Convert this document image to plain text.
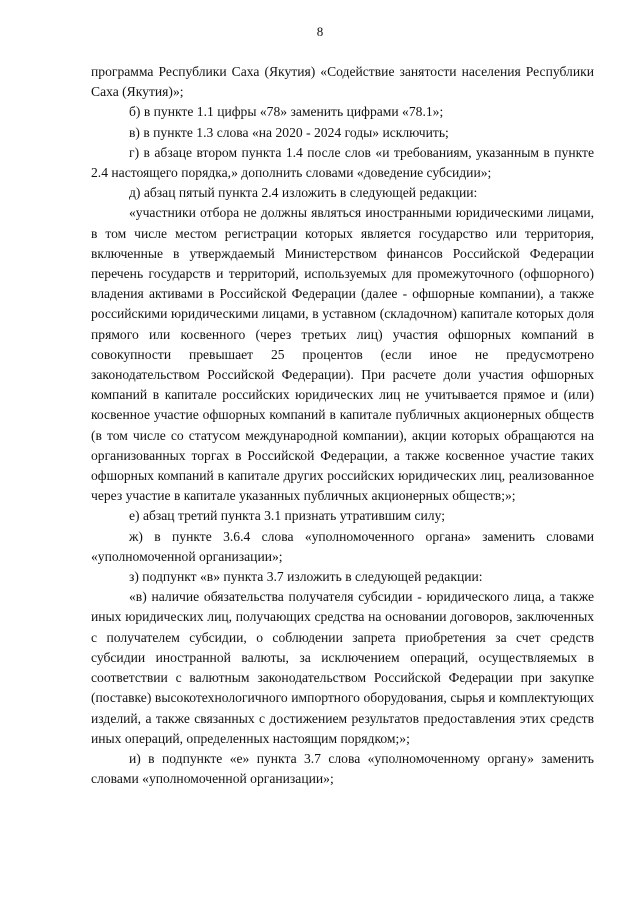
8

программа Республики Саха (Якутия) «Содействие занятости населения Республики Саха (Якутия)»;

б) в пункте 1.1 цифры «78» заменить цифрами «78.1»;

в) в пункте 1.3 слова «на 2020 - 2024 годы» исключить;

г) в абзаце втором пункта 1.4 после слов «и требованиям, указанным в пункте 2.4 настоящего порядка,» дополнить словами «доведение субсидии»;

д) абзац пятый пункта 2.4 изложить в следующей редакции:

«участники отбора не должны являться иностранными юридическими лицами, в том числе местом регистрации которых является государство или территория, включенные в утверждаемый Министерством финансов Российской Федерации перечень государств и территорий, используемых для промежуточного (офшорного) владения активами в Российской Федерации (далее - офшорные компании), а также российскими юридическими лицами, в уставном (складочном) капитале которых доля прямого или косвенного (через третьих лиц) участия офшорных компаний в совокупности превышает 25 процентов (если иное не предусмотрено законодательством Российской Федерации). При расчете доли участия офшорных компаний в капитале российских юридических лиц не учитывается прямое и (или) косвенное участие офшорных компаний в капитале публичных акционерных обществ (в том числе со статусом международной компании), акции которых обращаются на организованных торгах в Российской Федерации, а также косвенное участие таких офшорных компаний в капитале других российских юридических лиц, реализованное через участие в капитале указанных публичных акционерных обществ;»;

е) абзац третий пункта 3.1 признать утратившим силу;

ж) в пункте 3.6.4 слова «уполномоченного органа» заменить словами «уполномоченной организации»;

з) подпункт «в» пункта 3.7 изложить в следующей редакции:

«в) наличие обязательства получателя субсидии - юридического лица, а также иных юридических лиц, получающих средства на основании договоров, заключенных с получателем субсидии, о соблюдении запрета приобретения за счет средств субсидии иностранной валюты, за исключением операций, осуществляемых в соответствии с валютным законодательством Российской Федерации при закупке (поставке) высокотехнологичного импортного оборудования, сырья и комплектующих изделий, а также связанных с достижением результатов предоставления этих средств иных операций, определенных настоящим порядком;»;

и) в подпункте «е» пункта 3.7 слова «уполномоченному органу» заменить словами «уполномоченной организации»;
